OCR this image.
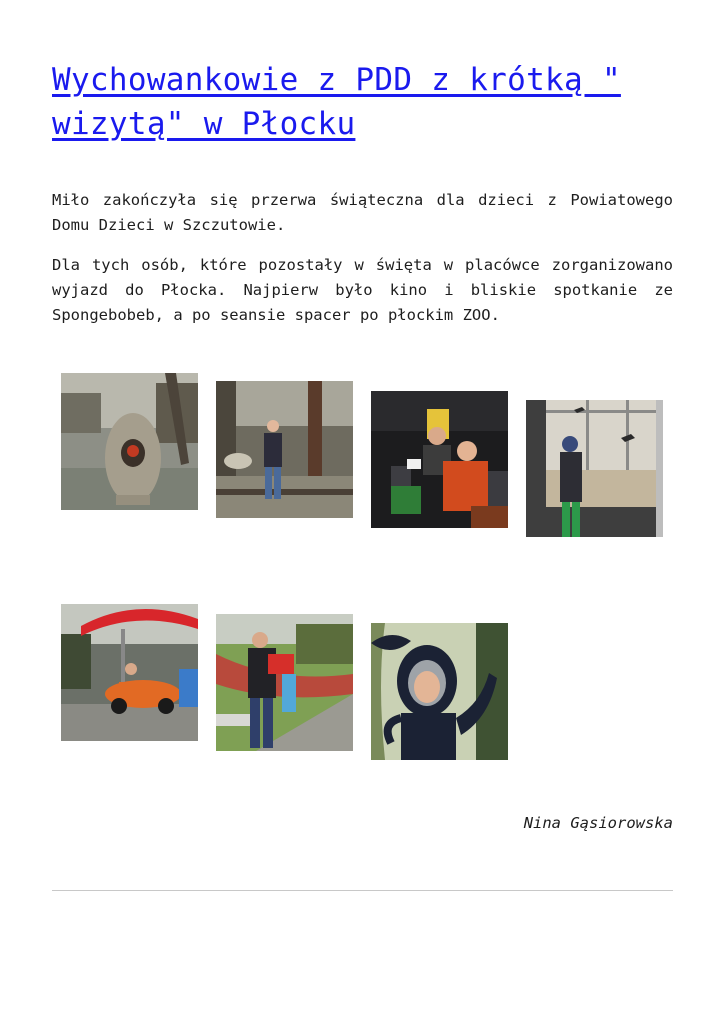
Wychowankowie z PDD z krótką " wizytą" w Płocku

Miło zakończyła się przerwa świąteczna dla dzieci z Powiatowego Domu Dzieci w Szczutowie.

Dla tych osób, które pozostały w święta w placówce zorganizowano wyjazd do Płocka. Najpierw było kino i bliskie spotkanie ze Spongebobeb, a po seansie spacer po płockim ZOO.

Nina Gąsiorowska
